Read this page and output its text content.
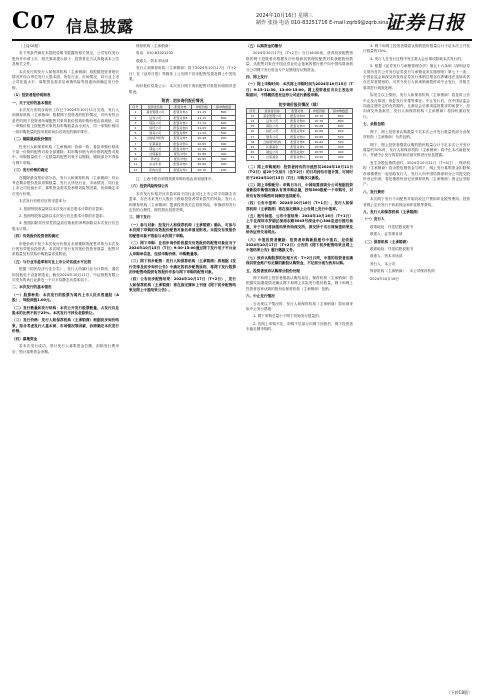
C07 信息披露
2024年10月16日 星期三
制作 张扬 电话 010-83251716 E-mail zqrb9@zqrb.sina.net
证券日报

（上接C6版）

若下列条件满足本招股说明书披露的相关规定，公司有权发行股份并申请上市，相关事项提示如下：投资者应当认真阅读本公告及相关文件。

本次发行的发行人和保荐机构（主承销商）将根据投资者报价情况并综合考虑发行人基本面、所处行业、市场情况、同行业上市公司估值水平、募集资金需求及承销风险等因素协商确定发行价格。

（1）投资者报价明细表

一、关于定价的基本情况

本次发行的初步询价工作已于2024年10月11日完成。发行人和保荐机构（主承销商）根据网下投资者的报价情况，对所有符合条件的网下投资者所属配售对象的报价按照申购价格由高到低、同一申购价格上按配售对象的拟申购数量由小到大、同一申购价格同一拟申购数量的按申报时间由后到先的顺序排序。

（二）剔除最高报价情况

经发行人和保荐机构（主承销商）协商一致，将拟申购价格高于某一价格的配售对象全部剔除；拟申购价格为该价格的配售对象中，申购数量低于一定数量的配售对象予以剔除。剔除部分不得参与网下申购。

（三）发行价格的确定

在剔除最高报价部分后，发行人和保荐机构（主承销商）综合考虑剩余报价及拟申购数量、发行人所处行业、市场情况、同行业上市公司估值水平、募集资金需求及承销风险等因素，协商确定本次发行价格。

本次发行价格对应的市盈率为：

1. 按照每股收益除以本次发行前总股本计算的市盈率；

2. 按照每股收益除以本次发行后总股本计算的市盈率；

3. 按照扣除非经常性损益前后孰低的净利润除以本次发行后总股本计算。

（四）有效报价投资者的确定

申报价格不低于本次发行价格且未被剔除的配售对象为本次发行的有效报价投资者。本次网下发行有效报价投资者数量、配售对象数量及有效拟申购数量详见附表。

（五）与行业市盈率和可比上市公司估值水平比较

根据《国民经济行业分类》，发行人所属行业为计算机、通信和其他电子设备制造业。截至2024年10月11日，中证指数有限公司发布的该行业最近一个月平均静态市盈率如下。

二、本次发行的基本情况

（一）股票种类：本次发行的股票为境内上市人民币普通股（A股），每股面值1.00元。

（二）发行数量和发行结构：本次公开发行股票数量，占发行后总股本的比例不低于25%。本次发行不涉及老股转让。

（三）发行价格：发行人和保荐机构（主承销商）根据初步询价结果，综合考虑发行人基本面、市场情况等因素，协商确定本次发行价格。

（四）募集资金

若本次发行成功，预计发行人募集资金总额，扣除发行费用后，预计募集资金净额。

保荐机构（主承销商）：

电话：010-83321232

联系人：资本市场部

发行人和保荐机构（主承销商）将于2024年10月17日（T+2日）在《证券日报》等媒体上公告网下初步配售结果及网上中签结果。

询价报价结果公示：本次发行网下询价配售对象报价明细详见附表。

附表：初步询价报价情况
序号	投资者名称	配售对象	申报价格	拟申购数量
1	基金管理公司	配售对象A	21.15	800
2	证券公司	配售对象B	21.15	800
3	保险公司	配售对象C	21.10	600
4	信托公司	配售对象D	21.05	600
5	财务公司	配售对象E	21.00	500
6	合格境外机构	配售对象F	20.98	500
7	私募基金	配售对象G	20.95	400
8	期货公司	配售对象H	20.90	400
9	社保基金	配售对象I	20.88	300
10	养老金	配售对象J	20.85	300
11	企业年金	配售对象K	20.80	300
12	机构自营	配售对象L	20.76	200

注：上表中报价明细按照申购价格由高到低排序。

（六）投资风险特别公告

本次发行价格对应市盈率高于同行业可比上市公司平均静态市盈率，存在未来发行人股价下跌给投资者带来损失的风险。发行人和保荐机构（主承销商）提请投资者关注投资风险，审慎研判发行定价的合理性，理性做出投资决策。

三、网下发行

（一）参与对象：经发行人和保荐机构（主承销商）确认，可参与本次网下申购的有效报价配售对象名单请见附表。未提交有效报价的配售对象不得参与本次网下申购。

（二）网下申购：在初步询价阶段提交有效报价的配售对象应当于2024年10月15日（T日）9:30-15:00通过网下发行电子平台录入申购单信息，包括申购价格、申购数量等。

（三）网下初步配售：发行人和保荐机构（主承销商）将根据《发行安排及初步询价公告》中确定的初步配售原则，将网下发行股票初步配售给提供有效报价并参与网下申购的配售对象。

（四）公布初步配售结果：2024年10月17日（T+2日），发行人和保荐机构（主承销商）将在指定媒体上刊登《网下初步配售结果及网上中签结果公告》。

（五）认购资金的缴付

2024年10月17日（T+2日）当日16:00前，获得初步配售资格的网下投资者应根据发行价格和其管理的配售对象获配股份数量，从配售对象在中国证券业协会备案的银行账户向中国结算深圳分公司网下发行资金专户足额划付认购资金。

四、网上发行

（一）网上申购时间：本次网上申购时间为2024年10月15日（T日）9:15-11:30、13:00-15:00。网上投资者应当自主表达申购意向，不得概括委托证券公司进行新股申购。

初步询价报价情况（续）
序号	投资者名称	配售对象	申报价格	拟申购数量
13	基金管理公司	配售对象M	20.75	800
14	证券公司	配售对象N	20.70	800
15	保险公司	配售对象O	20.68	600
16	信托公司	配售对象P	20.66	600
17	财务公司	配售对象Q	20.65	500
18	合格境外机构	配售对象R	20.60	500
19	私募基金	配售对象S	20.58	400
20	期货公司	配售对象T	20.55	400
21	社保基金	配售对象U	20.50	300

（二）网上申购规则：投资者持有的市值按其2024年10月11日（T-2日）前20个交易日（含T-2日）的日均持有市值计算，可同时用于2024年10月15日（T日）申购多只新股。

（三）网上申购配号：申购日当日，中国结算深圳分公司根据投资者新股申购情况确认有效申购总量，按每500股配一个申购号，对所有有效申购按时间顺序连续配号。

（四）公布中签率：2024年10月16日（T+1日），发行人和保荐机构（主承销商）将在指定媒体上公告网上发行中签率。

（五）摇号抽签、公布中签结果：2024年10月16日（T+1日）上午在深圳市罗湖区深南东路5045号深业中心308室进行摇号抽签，并于当日将抽签结果传给深交所，深交所于当日将抽签结果发给各证券交易网点。

（六）中签投资者缴款：投资者申购新股摇号中签后，应依据2024年10月17日（T+2日）公告的《网下初步配售结果及网上中签结果公告》履行缴款义务。

（七）放弃认购股票的处理方式：T+2日日终，中签的投资者应确保其资金账户有足额的新股认购资金，不足部分视为放弃认购。

五、投资者放弃认购部分股份处理

网下和网上投资者缴款认购结束后，保荐机构（主承销商）将根据实际缴款情况确认网下和网上实际发行股份数量。网下和网上投资者放弃认购的股份由保荐机构（主承销商）包销。

六、中止发行情况

当出现以下情况时，发行人和保荐机构（主承销商）将协商采取中止发行措施：

1. 网下申购总量小于网下初始发行数量的；

2. 若网上申购不足，申购不足部分向网下回拨后，网下投资者未能足额申购的；

3. 网下和网上投资者缴款认购的股份数量合计不足本次公开发行数量的70%；

4. 发行人在发行过程中发生重大会后事项影响本次发行的；

5. 根据《证券发行与承销管理办法》第五十六条和《深圳证券交易所首次公开发行证券发行与承销业务实施细则》第七十一条，中国证监会和深交所发现证券发行承销过程存在涉嫌违法违规或者存在异常情形的，可责令发行人和承销商暂停或中止发行，对相关事项进行调查处理。

如发生以上情形，发行人和保荐机构（主承销商）将及时公告中止发行原因、恢复发行安排等事宜。中止发行后，在中国证监会同意注册决定的有效期内，且满足会后事项监管要求的前提下，经向深交所备案后，发行人和保荐机构（主承销商）将择机重启发行。

七、余股包销

网下、网上投资者认购数量不足本次公开发行数量的部分由保荐机构（主承销商）负责包销。

网下、网上投资者缴款认购的股份数量合计不足本次公开发行数量的70%时，发行人和保荐机构（主承销商）将中止本次新股发行，并就中止发行的原因和后续安排进行信息披露。

发生余股包销情况时，2024年10月21日（T+4日），保荐机构（主承销商）将余股包销资金与网下、网上发行募集资金扣除保荐承销费后一起划给发行人，发行人向中国结算深圳分公司提交股份登记申请，将包销股份登记至保荐机构（主承销商）指定证券账户。

八、发行费用

本次网下发行不向配售对象收取过户费和印花税等费用。投资者网上定价发行不收取佣金和印花税等费用。

九、发行人和保荐机构（主承销商）

（一）发行人

联系地址：详见招股说明书

联系人：证券事务部

（二）保荐机构（主承销商）

联系地址：详见招股说明书

联系人：资本市场部

发行人：本公司

保荐机构（主承销商）：本公司保荐机构

2024年10月16日

（下转C8版）
